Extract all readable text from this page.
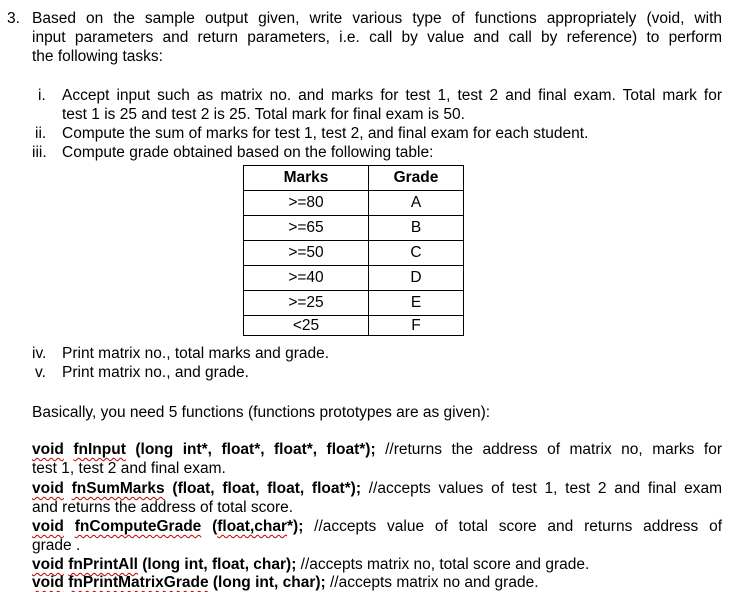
3. Based on the sample output given, write various type of functions appropriately (void, with
input parameters and return parameters, i.e. call by value and call by reference) to perform
the following tasks:
i. Accept input such as matrix no. and marks for test 1, test 2 and final exam. Total mark for
test 1 is 25 and test 2 is 25. Total mark for final exam is 50.
ii. Compute the sum of marks for test 1, test 2, and final exam for each student.
iii. Compute grade obtained based on the following table:
Marks	Grade
>=80	A
>=65	B
>=50	C
>=40	D
>=25	E
<25	F
iv. Print matrix no., total marks and grade.
v. Print matrix no., and grade.
Basically, you need 5 functions (functions prototypes are as given):
void fnInput (long int*, float*, float*, float*); //returns the address of matrix no, marks for
test 1, test 2 and final exam.
void fnSumMarks (float, float, float, float*); //accepts values of test 1, test 2 and final exam
and returns the address of total score.
void fnComputeGrade (float,char*); //accepts value of total score and returns address of
grade .
void fnPrintAll (long int, float, char); //accepts matrix no, total score and grade.
void fnPrintMatrixGrade (long int, char); //accepts matrix no and grade.
